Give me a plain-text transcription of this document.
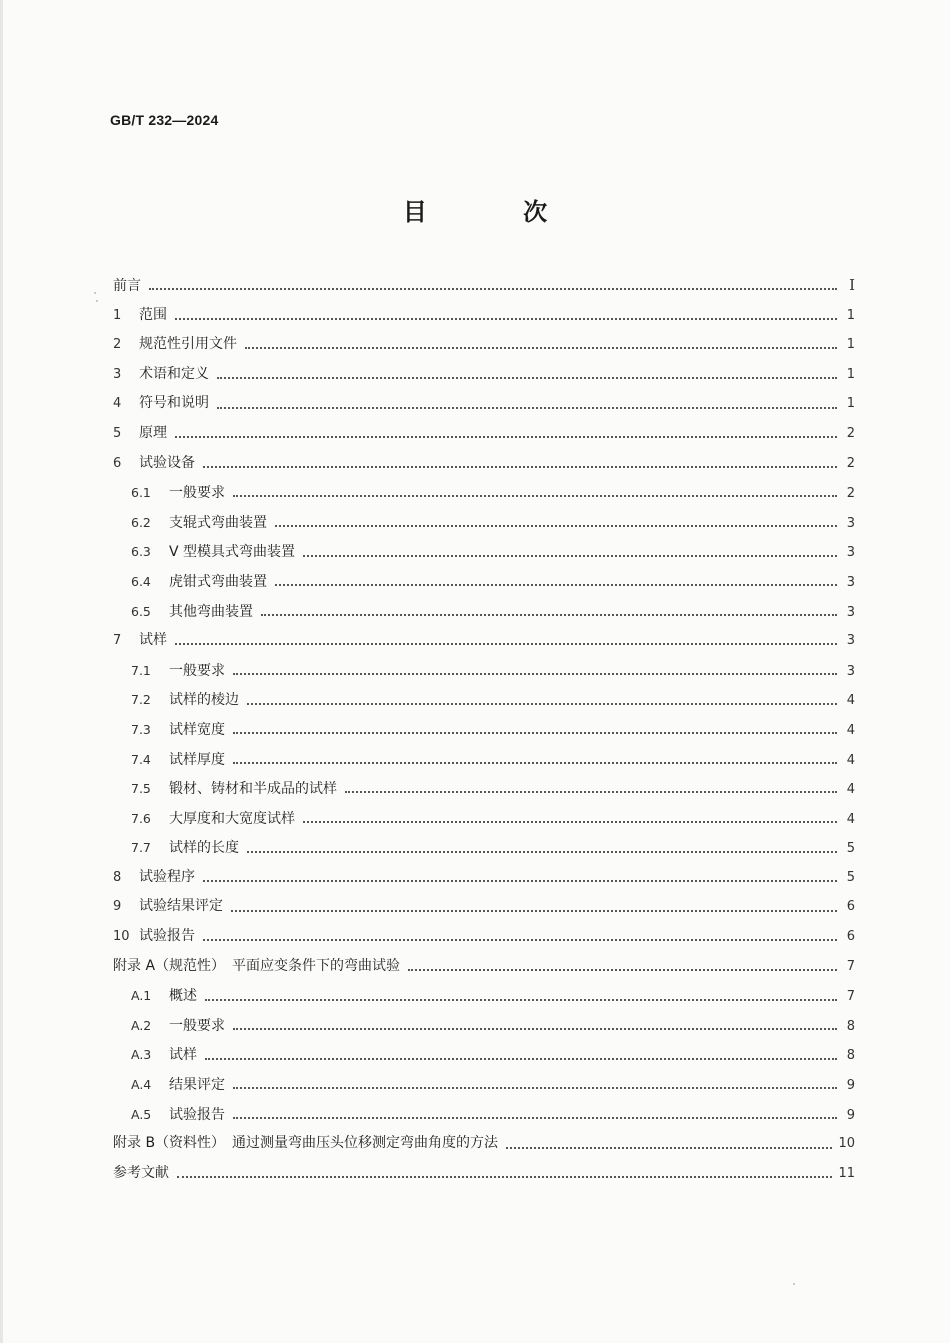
GB/T 232—2024
目 次
前言	Ⅰ
1	范围	1
2	规范性引用文件	1
3	术语和定义	1
4	符号和说明	1
5	原理	2
6	试验设备	2
6.1	一般要求	2
6.2	支辊式弯曲装置	3
6.3	V 型模具式弯曲装置	3
6.4	虎钳式弯曲装置	3
6.5	其他弯曲装置	3
7	试样	3
7.1	一般要求	3
7.2	试样的棱边	4
7.3	试样宽度	4
7.4	试样厚度	4
7.5	锻材、铸材和半成品的试样	4
7.6	大厚度和大宽度试样	4
7.7	试样的长度	5
8	试验程序	5
9	试验结果评定	6
10 试验报告	6
附录 A（规范性）　平面应变条件下的弯曲试验	7
A.1	概述	7
A.2	一般要求	8
A.3	试样	8
A.4	结果评定	9
A.5	试验报告	9
附录 B（资料性）　通过测量弯曲压头位移测定弯曲角度的方法	10
参考文献	11
